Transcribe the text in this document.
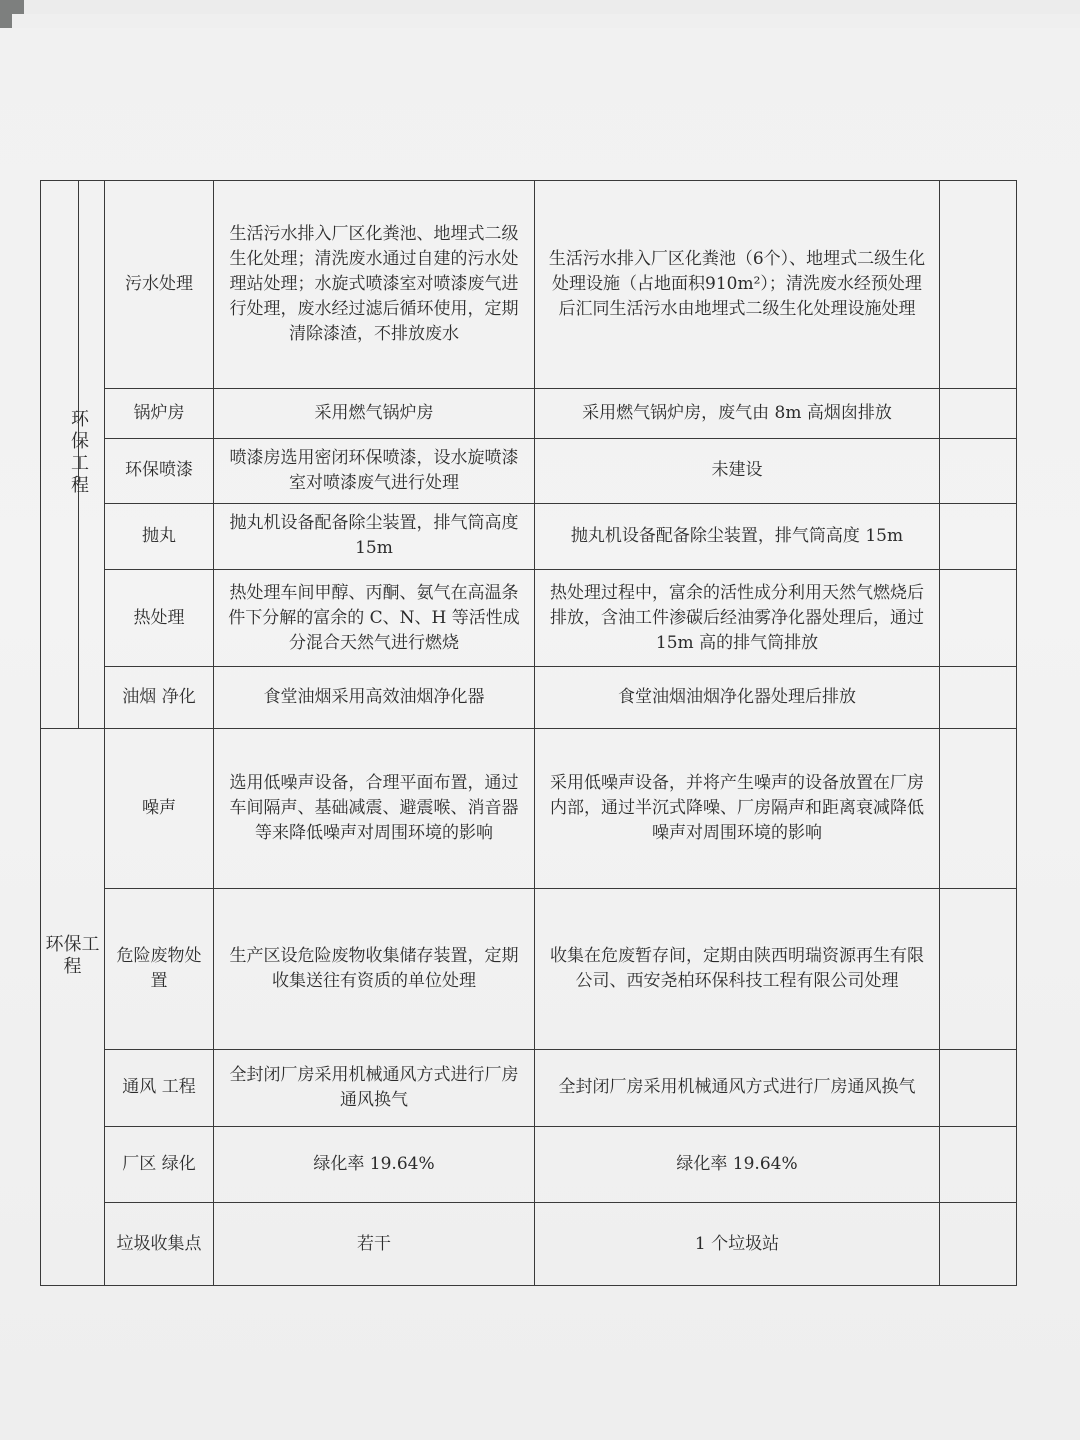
	环保工程	污水处理	生活污水排入厂区化粪池、地埋式二级生化处理；清洗废水通过自建的污水处理站处理；水旋式喷漆室对喷漆废气进行处理，废水经过滤后循环使用，定期清除漆渣，不排放废水	生活污水排入厂区化粪池（6个）、地埋式二级生化处理设施（占地面积910m²）；清洗废水经预处理后汇同生活污水由地埋式二级生化处理设施处理	
		锅炉房	采用燃气锅炉房	采用燃气锅炉房，废气由 8m 高烟囱排放	
		环保喷漆	喷漆房选用密闭环保喷漆，设水旋喷漆室对喷漆废气进行处理	未建设	
		抛丸	抛丸机设备配备除尘装置，排气筒高度 15m	抛丸机设备配备除尘装置，排气筒高度 15m	
		热处理	热处理车间甲醇、丙酮、氨气在高温条件下分解的富余的 C、N、H 等活性成分混合天然气进行燃烧	热处理过程中，富余的活性成分利用天然气燃烧后排放，含油工件渗碳后经油雾净化器处理后，通过 15m 高的排气筒排放	
		油烟 净化	食堂油烟采用高效油烟净化器	食堂油烟油烟净化器处理后排放	

环保工程		噪声	选用低噪声设备，合理平面布置，通过车间隔声、基础减震、避震喉、消音器等来降低噪声对周围环境的影响	采用低噪声设备，并将产生噪声的设备放置在厂房内部，通过半沉式降噪、厂房隔声和距离衰减降低噪声对周围环境的影响	
		危险废物处置	生产区设危险废物收集储存装置，定期收集送往有资质的单位处理	收集在危废暂存间，定期由陕西明瑞资源再生有限公司、西安尧柏环保科技工程有限公司处理	
		通风 工程	全封闭厂房采用机械通风方式进行厂房通风换气	全封闭厂房采用机械通风方式进行厂房通风换气	
		厂区 绿化	绿化率 19.64%	绿化率 19.64%	
		垃圾收集点	若干	1 个垃圾站	
